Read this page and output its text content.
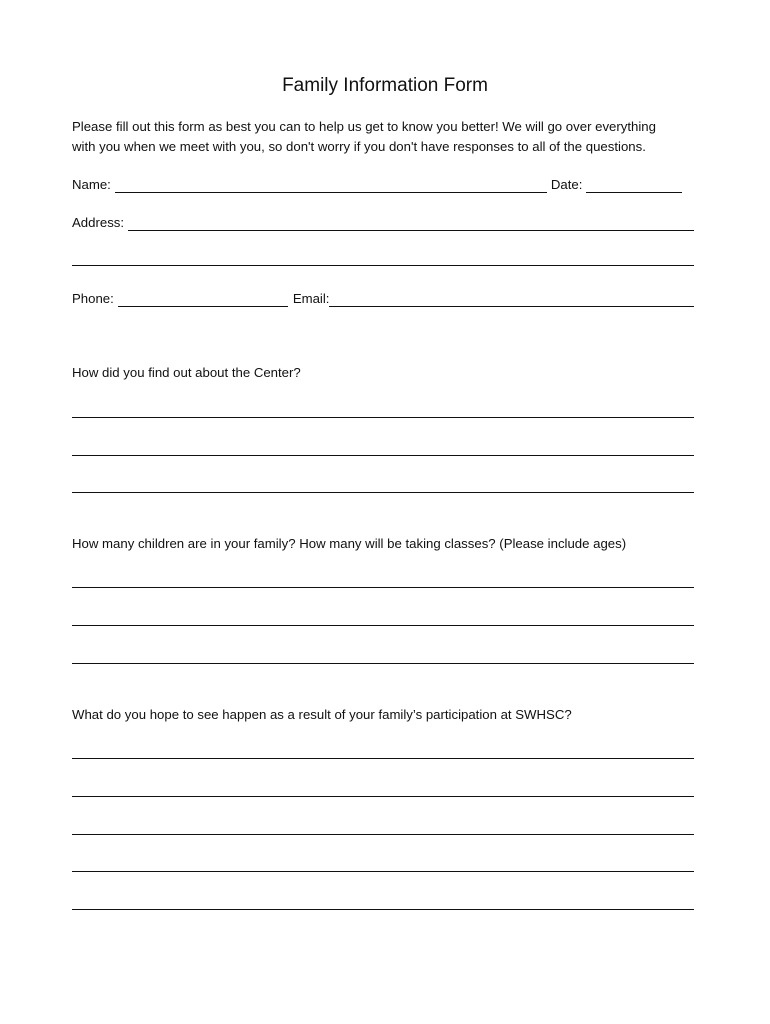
Family Information Form

Please fill out this form as best you can to help us get to know you better! We will go over everything

with you when we meet with you, so don't worry if you don't have responses to all of the questions.

Name:	Date:
Address:
Phone:	Email:
How did you find out about the Center?
How many children are in your family? How many will be taking classes? (Please include ages)
What do you hope to see happen as a result of your family’s participation at SWHSC?
